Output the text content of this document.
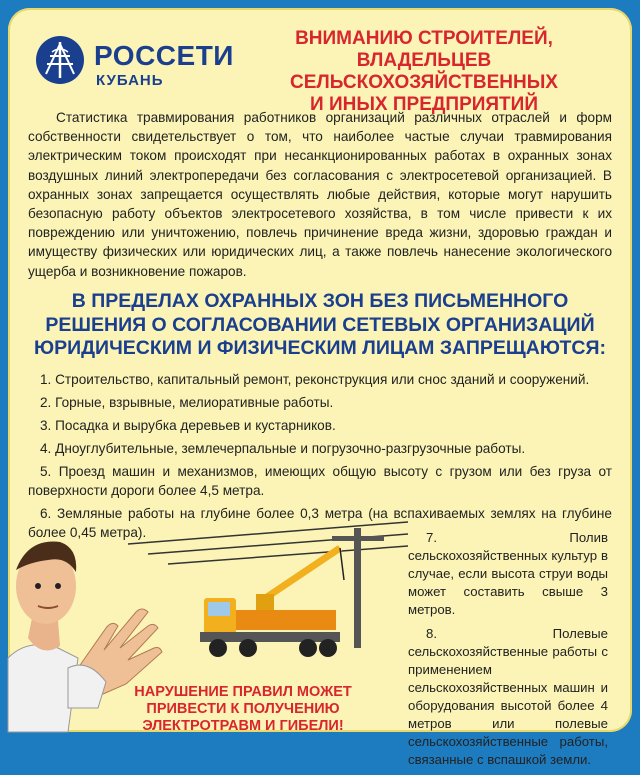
РОССЕТИ
КУБАНЬ
ВНИМАНИЮ СТРОИТЕЛЕЙ,
ВЛАДЕЛЬЦЕВ СЕЛЬСКОХОЗЯЙСТВЕННЫХ
И ИНЫХ ПРЕДПРИЯТИЙ

Статистика травмирования работников организаций различных отраслей и форм собственности свидетельствует о том, что наиболее частые случаи травмирования электрическим током происходят при несанкционированных работах в охранных зонах воздушных линий электропередачи без согласования с электросетевой организацией. В охранных зонах запрещается осуществлять любые действия, которые могут нарушить безопасную работу объектов электросетевого хозяйства, в том числе привести к их повреждению или уничтожению, повлечь причинение вреда жизни, здоровью граждан и имуществу физических или юридических лиц, а также повлечь нанесение экологического ущерба и возникновение пожаров.

В ПРЕДЕЛАХ ОХРАННЫХ ЗОН БЕЗ ПИСЬМЕННОГО
РЕШЕНИЯ О СОГЛАСОВАНИИ СЕТЕВЫХ ОРГАНИЗАЦИЙ
ЮРИДИЧЕСКИМ И ФИЗИЧЕСКИМ ЛИЦАМ ЗАПРЕЩАЮТСЯ:

1. Строительство, капитальный ремонт, реконструкция или снос зданий и сооружений.

2. Горные, взрывные, мелиоративные работы.

3. Посадка и вырубка деревьев и кустарников.

4. Дноуглубительные, землечерпальные и погрузочно-разгрузочные работы.

5. Проезд машин и механизмов, имеющих общую высоту с грузом или без груза от поверхности дороги более 4,5 метра.

6. Земляные работы на глубине более 0,3 метра (на вспахиваемых землях на глубине более 0,45 метра).	7. Полив сельскохозяйственных культур в случае, если высота струи воды может составить свыше 3 метров.

8. Полевые сельскохозяйственные работы с применением сельскохозяйственных машин и оборудования высотой более 4 метров или полевые сельскохозяйственные работы, связанные с вспашкой земли.

НАРУШЕНИЕ ПРАВИЛ МОЖЕТ
ПРИВЕСТИ К ПОЛУЧЕНИЮ
ЭЛЕКТРОТРАВМ И ГИБЕЛИ!
